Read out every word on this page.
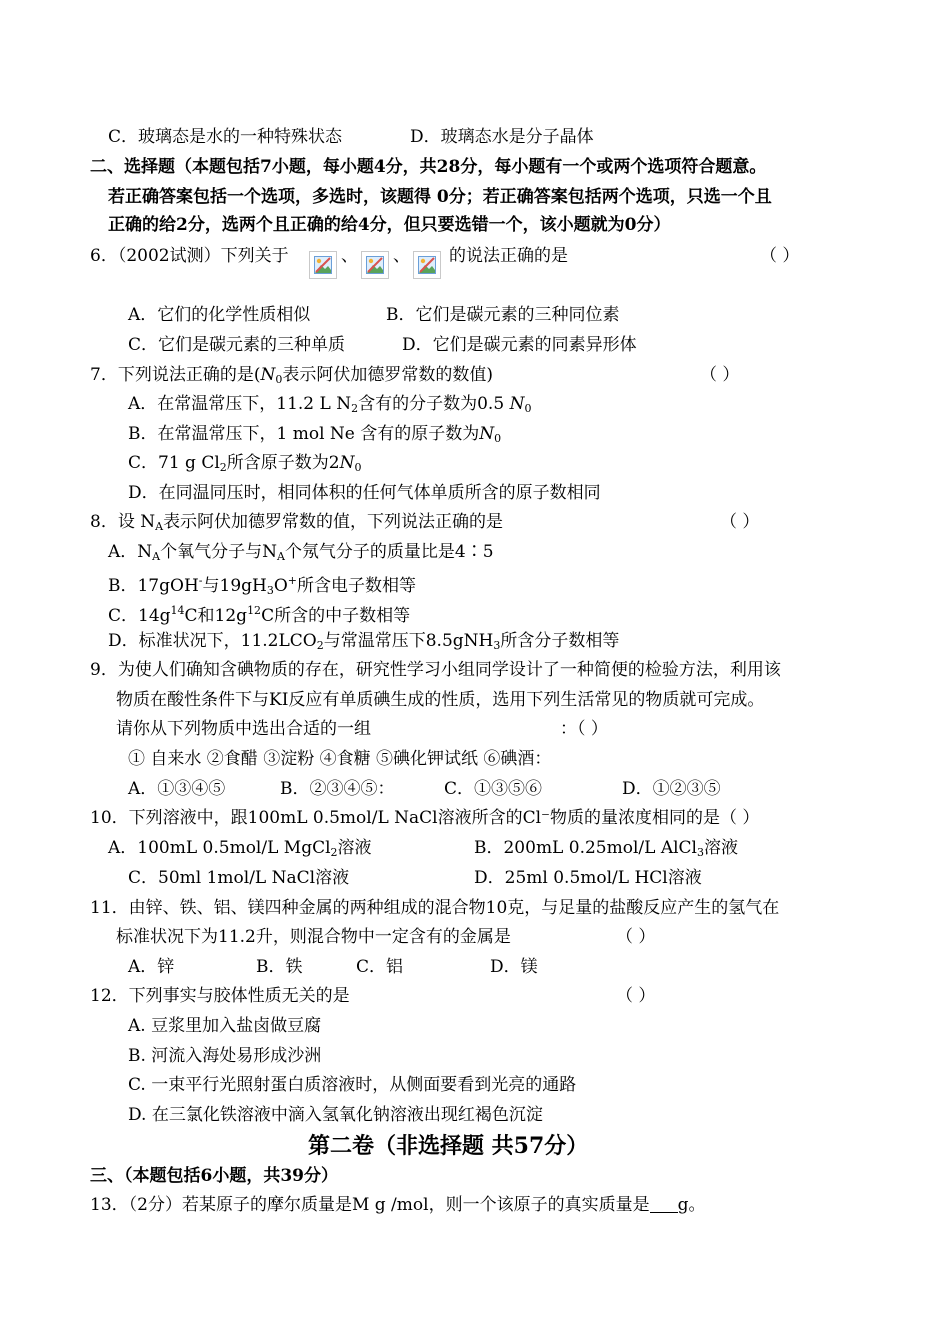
C．玻璃态是水的一种特殊状态	D．玻璃态水是分子晶体
二、选择题（本题包括7小题，每小题4分，共28分，每小题有一个或两个选项符合题意。
若正确答案包括一个选项，多选时，该题得 0分；若正确答案包括两个选项，只选一个且
正确的给2分，选两个且正确的给4分，但只要选错一个，该小题就为0分）
6．（2002试测）下列关于	、 、 的说法正确的是	（ ）
A．它们的化学性质相似	B．它们是碳元素的三种同位素
C．它们是碳元素的三种单质	D．它们是碳元素的同素异形体
7．下列说法正确的是($N_0$表示阿伏加德罗常数的数值)	（ ）
A．在常温常压下，11.2 L $N_2$含有的分子数为0.5 $N_0$
B．在常温常压下，1 mol Ne 含有的原子数为$N_0$
C．71 g $Cl_2$所含原子数为$2N_0$
D．在同温同压时，相同体积的任何气体单质所含的原子数相同
8．设 $N_A$表示阿伏加德罗常数的值，下列说法正确的是	（ ）
A．$N_A$个氧气分子与$N_A$个氖气分子的质量比是4∶5
B．17gOH-与$19gH_3O^+$所含电子数相等
C．$14g^{14}C$和$12g^{12}C$所含的中子数相等
D．标准状况下，$11.2LCO_2$与常温常压下8.5gNH$_3$所含分子数相等
9．为使人们确知含碘物质的存在，研究性学习小组同学设计了一种简便的检验方法，利用该
物质在酸性条件下与KI反应有单质碘生成的性质，选用下列生活常见的物质就可完成。
请你从下列物质中选出合适的一组	：（ ）
① 自来水 ②食醋 ③淀粉 ④食糖 ⑤碘化钾试纸 ⑥碘酒：
A．①③④⑤	B．②③④⑤：	C．①③⑤⑥	D．①②③⑤
10．下列溶液中，跟100mL 0.5mol/L NaCl溶液所含的Cl⁻物质的量浓度相同的是（ ）
A．100mL 0.5mol/L MgCl$_2$溶液	B．200mL 0.25mol/L AlCl$_3$溶液
C．50ml 1mol/L NaCl溶液	D．25ml 0.5mol/L HCl溶液
11．由锌、铁、铝、镁四种金属的两种组成的混合物10克，与足量的盐酸反应产生的氢气在
标准状况下为11.2升，则混合物中一定含有的金属是	（ ）
A．锌	B．铁	C．铝	D．镁
12．下列事实与胶体性质无关的是	（ ）
A. 豆浆里加入盐卤做豆腐
B. 河流入海处易形成沙洲
C. 一束平行光照射蛋白质溶液时，从侧面要看到光亮的通路
D. 在三氯化铁溶液中滴入氢氧化钠溶液出现红褐色沉淀
第二卷（非选择题 共57分）
三、（本题包括6小题，共39分）
13．（2分）若某原子的摩尔质量是M g /mol，则一个该原子的真实质量是 g。
